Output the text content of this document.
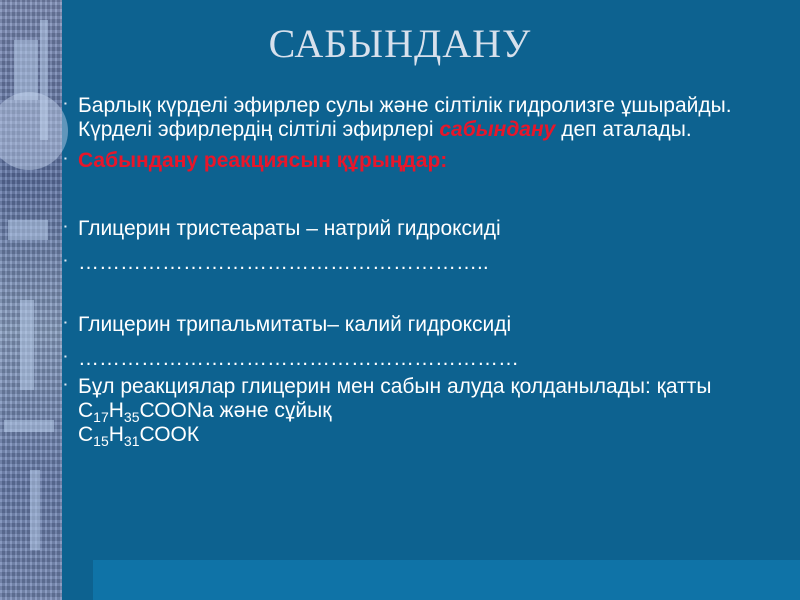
САБЫНДАНУ

▪ Барлық күрделі эфирлер сулы және сілтілік гидролизге ұшырайды. Күрделі эфирлердің сілтілі эфирлері сабындану деп аталады.

▪ Сабындану реакциясын құрыңдар:

▪ Глицерин тристеараты – натрий гидроксиді

▪ …………………………………………………..

▪ Глицерин трипальмитаты– калий гидроксиді

▪ ………………………………………………………

▪ Бұл реакциялар глицерин мен сабын алуда қолданылады: қатты $С_{17}Н_{35}СООNa$ және сұйық
$С_{15}Н_{31}СООК$
